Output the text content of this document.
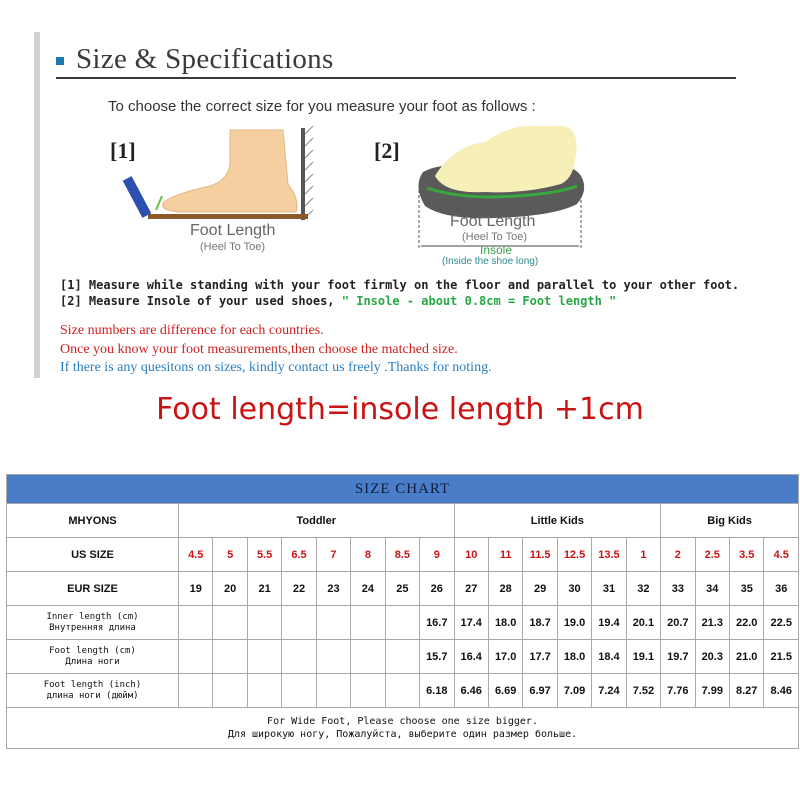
Size & Specifications
To choose the correct size for you measure your foot as follows :
[1]
Foot Length
(Heel To Toe)
[2]
Foot Length
(Heel To Toe)
Insole
(Inside the shoe long)
[1] Measure while standing with your foot firmly on the floor and parallel to your other foot.
[2] Measure Insole of your used shoes, " Insole - about 0.8cm = Foot length "
Size numbers are difference for each countries.
Once you know your foot measurements,then choose the matched size.
If there is any quesitons on sizes, kindly contact us freely .Thanks for noting.
Foot length=insole length +1cm
SIZE CHART																		
MHYONS	Toddler								Little Kids						Big Kids			
US SIZE	4.5	5	5.5	6.5	7	8	8.5	9	10	11	11.5	12.5	13.5	1	2	2.5	3.5	4.5
EUR SIZE	19	20	21	22	23	24	25	26	27	28	29	30	31	32	33	34	35	36

Inner length (cm)
Внутренняя длина								16.7	17.4	18.0	18.7	19.0	19.4	20.1	20.7	21.3	22.0	22.5

Foot length (cm)
Длина ноги								15.7	16.4	17.0	17.7	18.0	18.4	19.1	19.7	20.3	21.0	21.5

Foot length (inch)
длина ноги (дюйм)								6.18	6.46	6.69	6.97	7.09	7.24	7.52	7.76	7.99	8.27	8.46

For Wide Foot, Please choose one size bigger.
Для широкую ногу, Пожалуйста, выберите один размер больше.																		
